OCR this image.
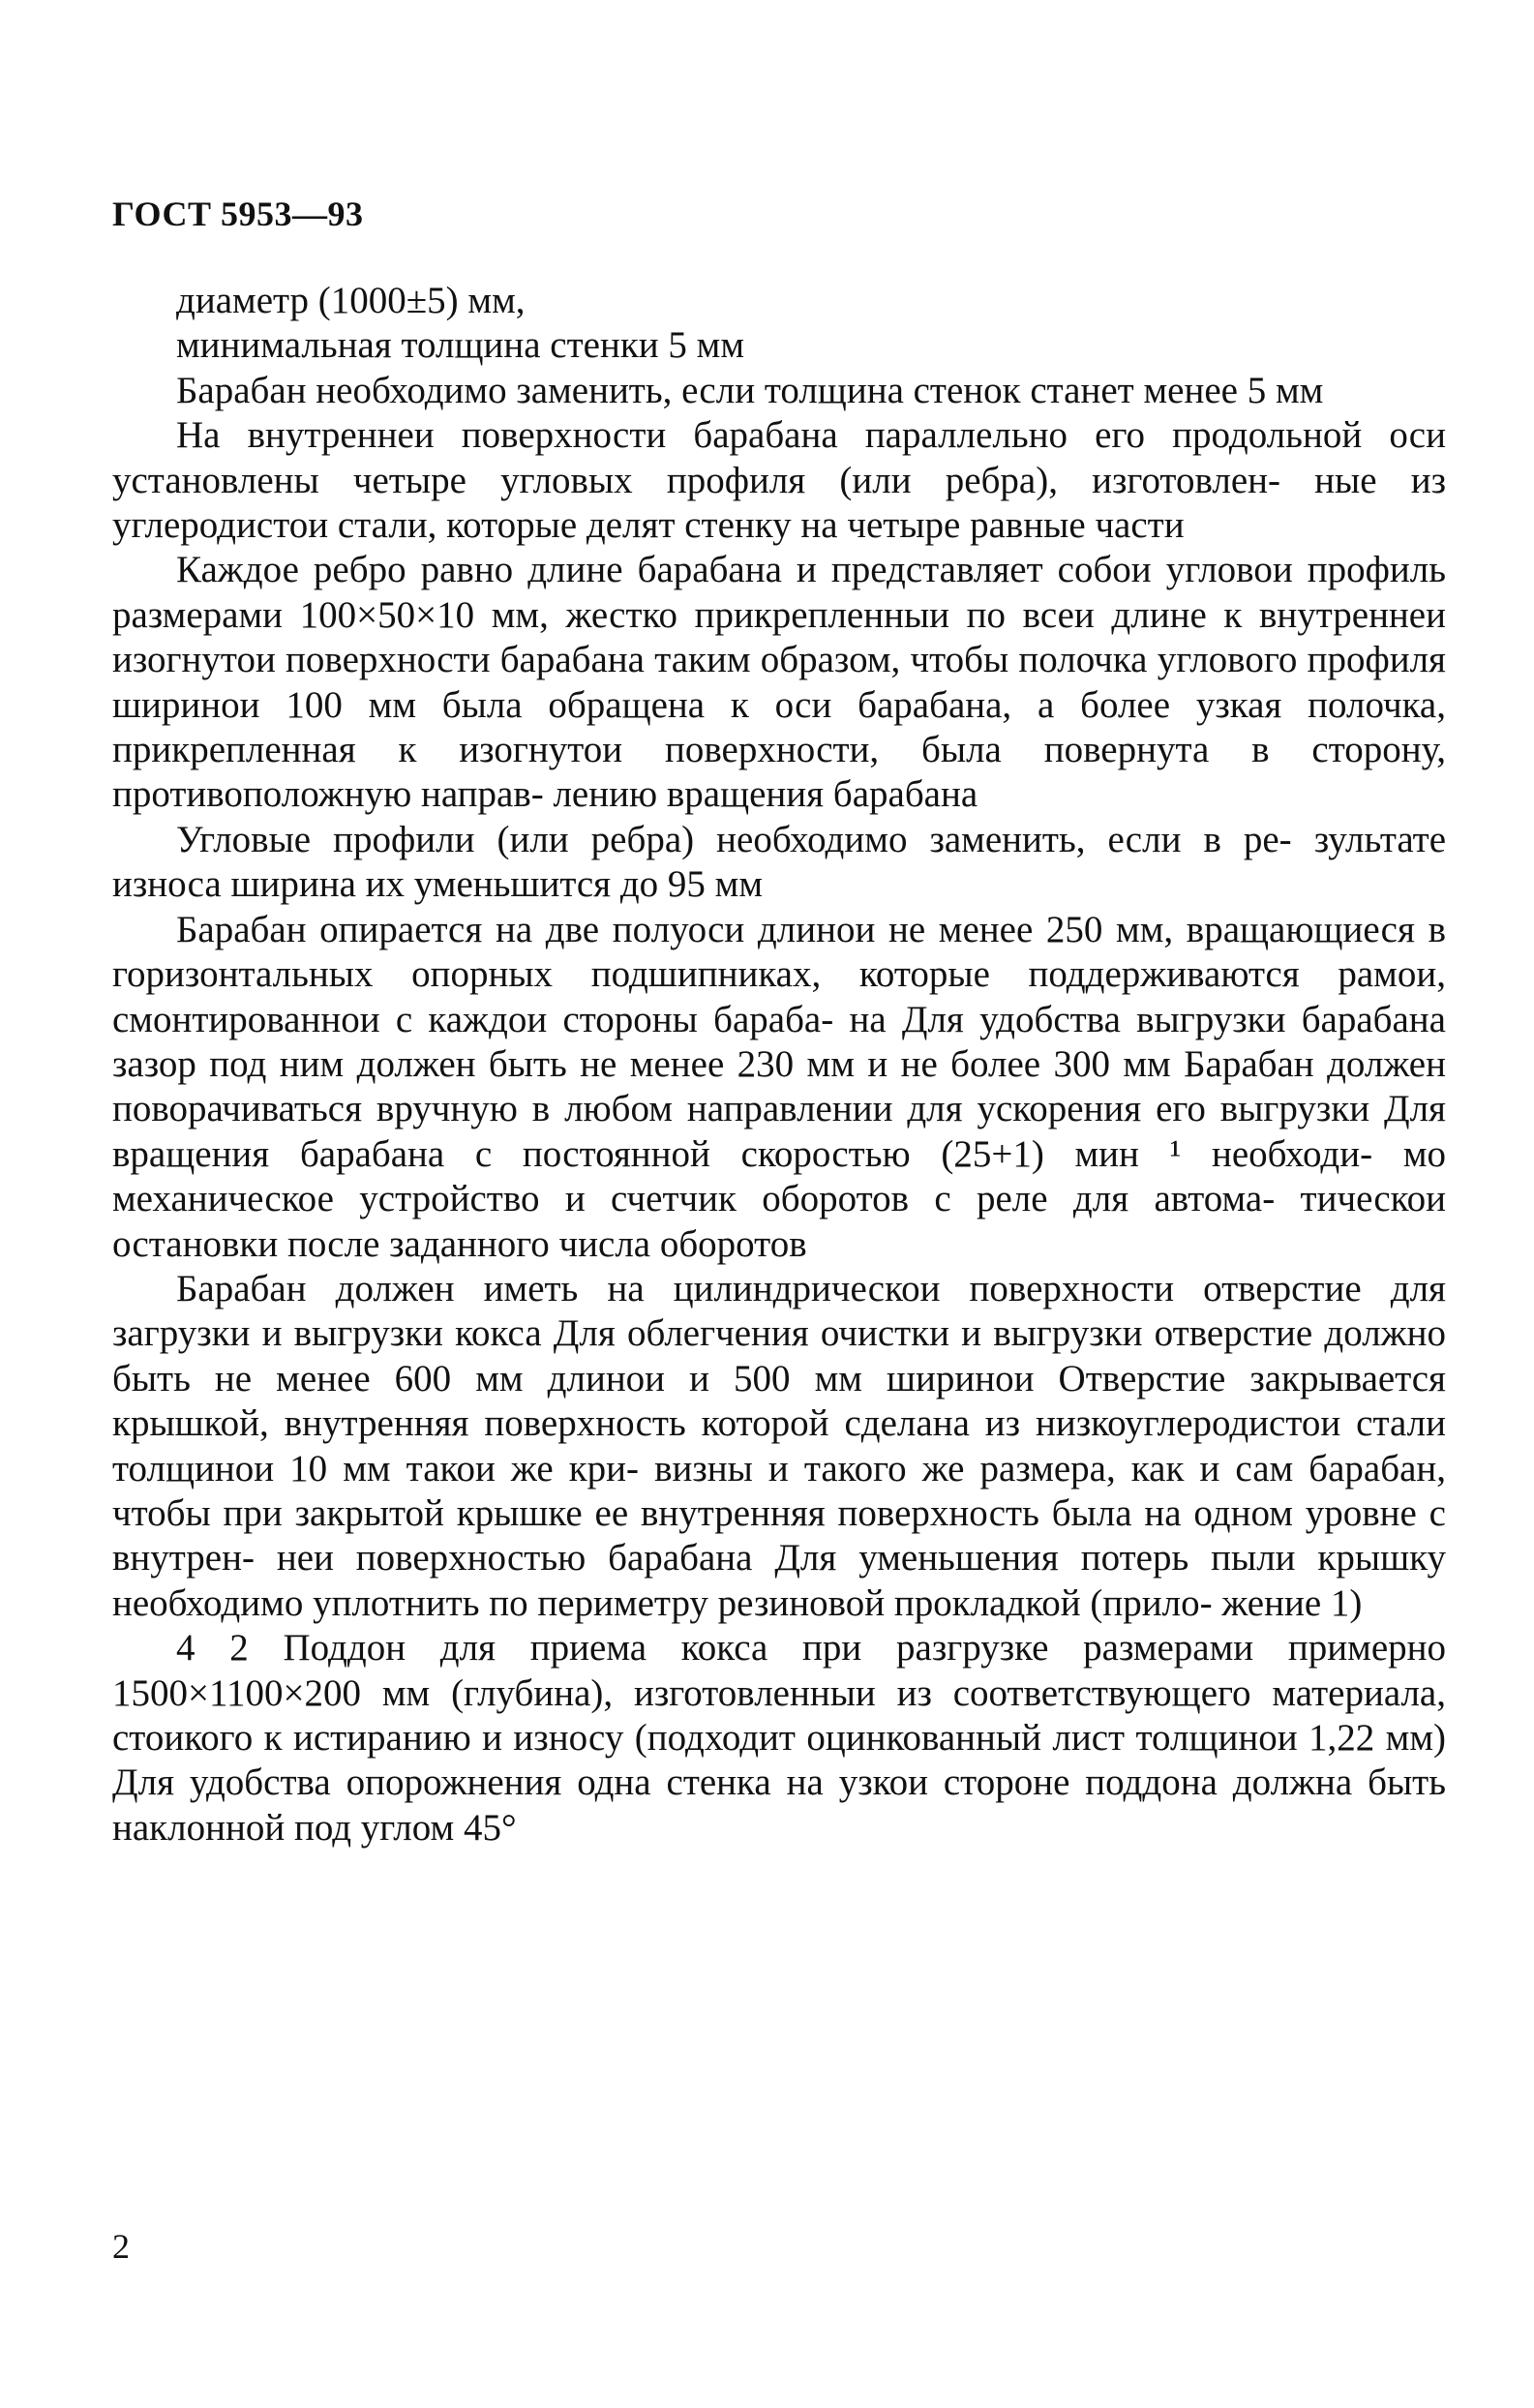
ГОСТ 5953—93

диаметр (1000±5) мм,

минимальная толщина стенки 5 мм

Барабан необходимо заменить, если толщина стенок станет менее 5 мм

На внутреннеи поверхности барабана параллельно его продольной оси установлены четыре угловых профиля (или ребра), изготовлен- ные из углеродистои стали, которые делят стенку на четыре равные части

Каждое ребро равно длине барабана и представляет собои угловои профиль размерами 100×50×10 мм, жестко прикрепленныи по всеи длине к внутреннеи изогнутои поверхности барабана таким образом, чтобы полочка углового профиля ширинои 100 мм была обращена к оси барабана, а более узкая полочка, прикрепленная к изогнутои поверхности, была повернута в сторону, противоположную направ- лению вращения барабана

Угловые профили (или ребра) необходимо заменить, если в ре- зультате износа ширина их уменьшится до 95 мм

Барабан опирается на две полуоси длинои не менее 250 мм, вращающиеся в горизонтальных опорных подшипниках, которые поддерживаются рамои, смонтированнои с каждои стороны бараба- на Для удобства выгрузки барабана зазор под ним должен быть не менее 230 мм и не более 300 мм Барабан должен поворачиваться вручную в любом направлении для ускорения его выгрузки Для вращения барабана с постоянной скоростью (25+1) мин ¹ необходи- мо механическое устройство и счетчик оборотов с реле для автома- тическои остановки после заданного числа оборотов

Барабан должен иметь на цилиндрическои поверхности отверстие для загрузки и выгрузки кокса Для облегчения очистки и выгрузки отверстие должно быть не менее 600 мм длинои и 500 мм ширинои Отверстие закрывается крышкой, внутренняя поверхность которой сделана из низкоуглеродистои стали толщинои 10 мм такои же кри- визны и такого же размера, как и сам барабан, чтобы при закрытой крышке ее внутренняя поверхность была на одном уровне с внутрен- неи поверхностью барабана Для уменьшения потерь пыли крышку необходимо уплотнить по периметру резиновой прокладкой (прило- жение 1)

4 2 Поддон для приема кокса при разгрузке размерами примерно 1500×1100×200 мм (глубина), изготовленныи из соответствующего материала, стоикого к истиранию и износу (подходит оцинкованный лист толщинои 1,22 мм) Для удобства опорожнения одна стенка на узкои стороне поддона должна быть наклонной под углом 45°

2
